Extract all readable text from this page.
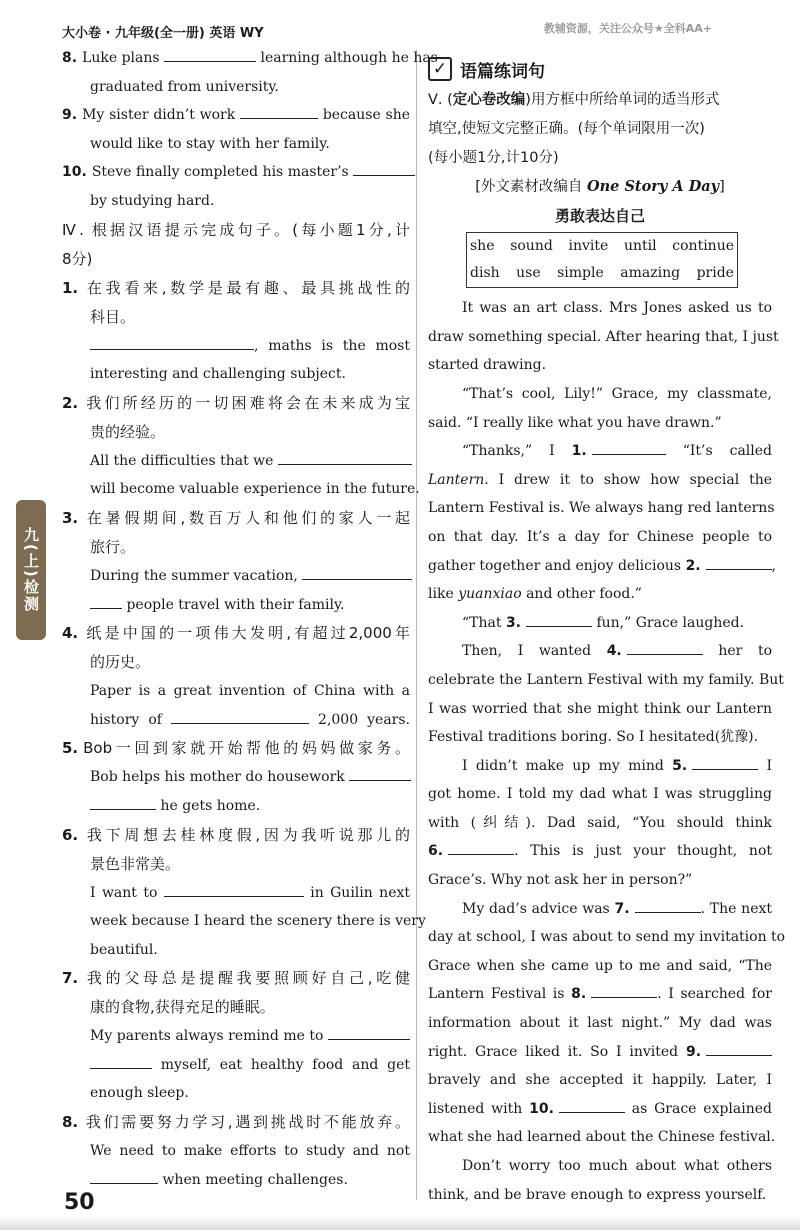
大小卷 · 九年级(全一册) 英语 WY	教辅资源，关注公众号★全科AA+
九(上)检测
8. Luke plans	learning although he has
graduated from university.
9. My sister didn’t work	because she
would like to stay with her family.
10. Steve finally completed his master’s
by studying hard.
Ⅳ. 根据汉语提示完成句子。(每小题1分,计
8分)
1. 在我看来,数学是最有趣、最具挑战性的
科目。
, maths is the most
interesting and challenging subject.
2. 我们所经历的一切困难将会在未来成为宝
贵的经验。
All the difficulties that we
will become valuable experience in the future.
3. 在暑假期间,数百万人和他们的家人一起
旅行。
During the summer vacation,
people travel with their family.
4. 纸是中国的一项伟大发明,有超过2,000年
的历史。
Paper is a great invention of China with a
history of	2,000 years.
5. Bob一回到家就开始帮他的妈妈做家务。
Bob helps his mother do housework
he gets home.
6. 我下周想去桂林度假,因为我听说那儿的
景色非常美。
I want to	in Guilin next
week because I heard the scenery there is very
beautiful.
7. 我的父母总是提醒我要照顾好自己,吃健
康的食物,获得充足的睡眠。
My parents always remind me to
myself, eat healthy food and get
enough sleep.
8. 我们需要努力学习,遇到挑战时不能放弃。
We need to make efforts to study and not
when meeting challenges.
✓ 语篇练词句
Ⅴ. (定心卷改编)用方框中所给单词的适当形式
填空,使短文完整正确。(每个单词限用一次)
(每小题1分,计10分)
[外文素材改编自 One Story A Day]
勇敢表达自己
she sound invite until continue
dish use simple amazing pride
It was an art class. Mrs Jones asked us to
draw something special. After hearing that, I just
started drawing.
“That’s cool, Lily!” Grace, my classmate,
said. “I really like what you have drawn.”
“Thanks,” I 1.	“It’s called
Lantern. I drew it to show how special the
Lantern Festival is. We always hang red lanterns
on that day. It’s a day for Chinese people to
gather together and enjoy delicious 2.	,
like yuanxiao and other food.”
“That 3.	fun,” Grace laughed.
Then, I wanted 4.	her to
celebrate the Lantern Festival with my family. But
I was worried that she might think our Lantern
Festival traditions boring. So I hesitated(犹豫).
I didn’t make up my mind 5.	I
got home. I told my dad what I was struggling
with (纠结). Dad said, “You should think
6.	. This is just your thought, not
Grace’s. Why not ask her in person?”
My dad’s advice was 7.	. The next
day at school, I was about to send my invitation to
Grace when she came up to me and said, “The
Lantern Festival is 8.	. I searched for
information about it last night.” My dad was
right. Grace liked it. So I invited 9.
bravely and she accepted it happily. Later, I
listened with 10.	as Grace explained
what she had learned about the Chinese festival.
Don’t worry too much about what others
think, and be brave enough to express yourself.
50
